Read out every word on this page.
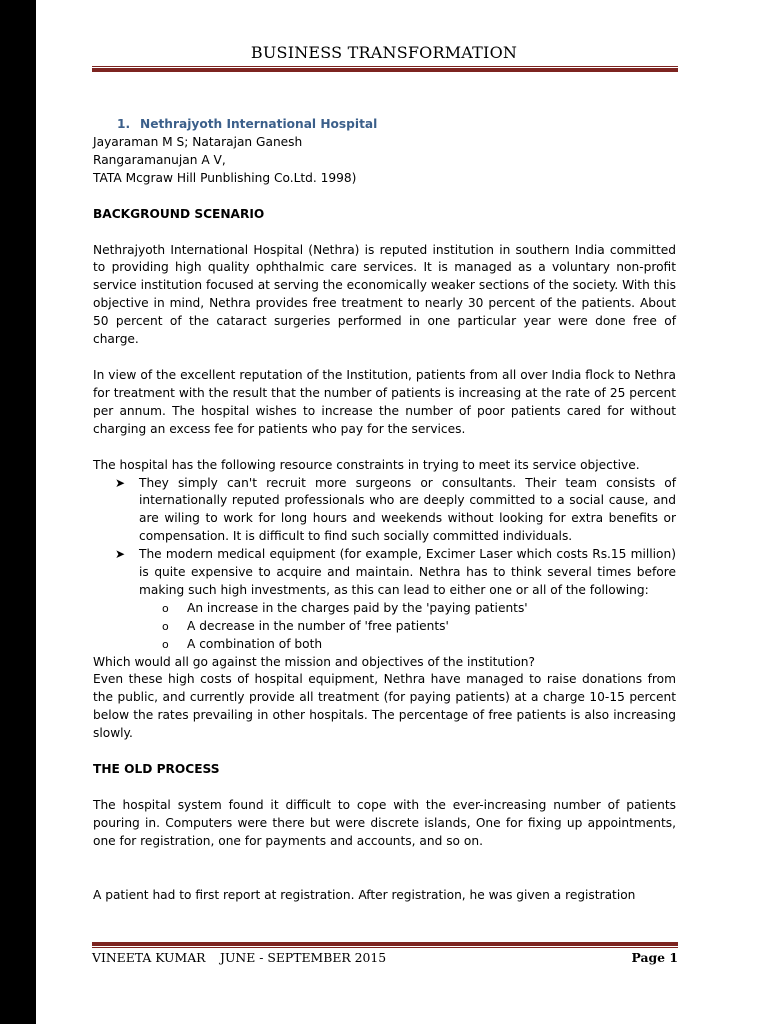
BUSINESS TRANSFORMATION

1. Nethrajyoth International Hospital

Jayaraman M S; Natarajan Ganesh

Rangaramanujan A V,

TATA Mcgraw Hill Punblishing Co.Ltd. 1998)

BACKGROUND SCENARIO

Nethrajyoth International Hospital (Nethra) is reputed institution in southern India committed to providing high quality ophthalmic care services. It is managed as a voluntary non-profit service institution focused at serving the economically weaker sections of the society. With this objective in mind, Nethra provides free treatment to nearly 30 percent of the patients. About 50 percent of the cataract surgeries performed in one particular year were done free of charge.

In view of the excellent reputation of the Institution, patients from all over India flock to Nethra for treatment with the result that the number of patients is increasing at the rate of 25 percent per annum. The hospital wishes to increase the number of poor patients cared for without charging an excess fee for patients who pay for the services.

The hospital has the following resource constraints in trying to meet its service objective.

➤ They simply can't recruit more surgeons or consultants. Their team consists of internationally reputed professionals who are deeply committed to a social cause, and are wiling to work for long hours and weekends without looking for extra benefits or compensation. It is difficult to find such socially committed individuals.
➤ The modern medical equipment (for example, Excimer Laser which costs Rs.15 million) is quite expensive to acquire and maintain. Nethra has to think several times before making such high investments, as this can lead to either one or all of the following:
o An increase in the charges paid by the 'paying patients'
o A decrease in the number of 'free patients'
o A combination of both

Which would all go against the mission and objectives of the institution?

Even these high costs of hospital equipment, Nethra have managed to raise donations from the public, and currently provide all treatment (for paying patients) at a charge 10-15 percent below the rates prevailing in other hospitals. The percentage of free patients is also increasing slowly.

THE OLD PROCESS

The hospital system found it difficult to cope with the ever-increasing number of patients pouring in. Computers were there but were discrete islands, One for fixing up appointments, one for registration, one for payments and accounts, and so on.

A patient had to first report at registration. After registration, he was given a registration

VINEETA KUMAR JUNE - SEPTEMBER 2015	Page 1
